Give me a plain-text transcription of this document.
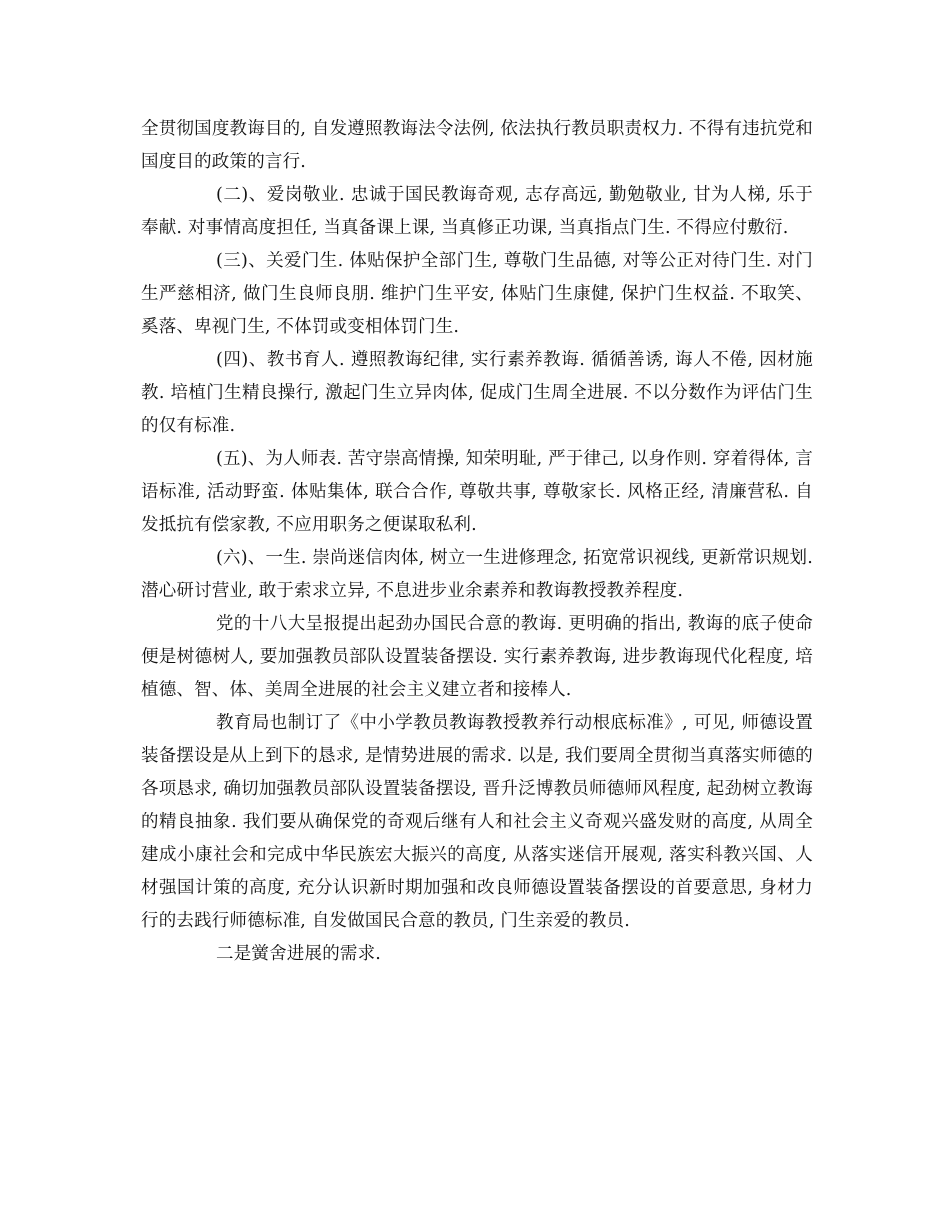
全贯彻国度教诲目的, 自发遵照教诲法令法例, 依法执行教员职责权力. 不得有违抗党和国度目的政策的言行.

(二)、爱岗敬业. 忠诚于国民教诲奇观, 志存高远, 勤勉敬业, 甘为人梯, 乐于奉献. 对事情高度担任, 当真备课上课, 当真修正功课, 当真指点门生. 不得应付敷衍.

(三)、关爱门生. 体贴保护全部门生, 尊敬门生品德, 对等公正对待门生. 对门生严慈相济, 做门生良师良朋. 维护门生平安, 体贴门生康健, 保护门生权益. 不取笑、奚落、卑视门生, 不体罚或变相体罚门生.

(四)、教书育人. 遵照教诲纪律, 实行素养教诲. 循循善诱, 诲人不倦, 因材施教. 培植门生精良操行, 激起门生立异肉体, 促成门生周全进展. 不以分数作为评估门生的仅有标准.

(五)、为人师表. 苦守崇高情操, 知荣明耻, 严于律己, 以身作则. 穿着得体, 言语标准, 活动野蛮. 体贴集体, 联合合作, 尊敬共事, 尊敬家长. 风格正经, 清廉营私. 自发抵抗有偿家教, 不应用职务之便谋取私利.

(六)、一生. 崇尚迷信肉体, 树立一生进修理念, 拓宽常识视线, 更新常识规划. 潜心研讨营业, 敢于索求立异, 不息进步业余素养和教诲教授教养程度.

党的十八大呈报提出起劲办国民合意的教诲. 更明确的指出, 教诲的底子使命便是树德树人, 要加强教员部队设置装备摆设. 实行素养教诲, 进步教诲现代化程度, 培植德、智、体、美周全进展的社会主义建立者和接棒人.

教育局也制订了《中小学教员教诲教授教养行动根底标准》, 可见, 师德设置装备摆设是从上到下的恳求, 是情势进展的需求. 以是, 我们要周全贯彻当真落实师德的各项恳求, 确切加强教员部队设置装备摆设, 晋升泛博教员师德师风程度, 起劲树立教诲的精良抽象. 我们要从确保党的奇观后继有人和社会主义奇观兴盛发财的高度, 从周全建成小康社会和完成中华民族宏大振兴的高度, 从落实迷信开展观, 落实科教兴国、人材强国计策的高度, 充分认识新时期加强和改良师德设置装备摆设的首要意思, 身材力行的去践行师德标准, 自发做国民合意的教员, 门生亲爱的教员.

二是黉舍进展的需求.
